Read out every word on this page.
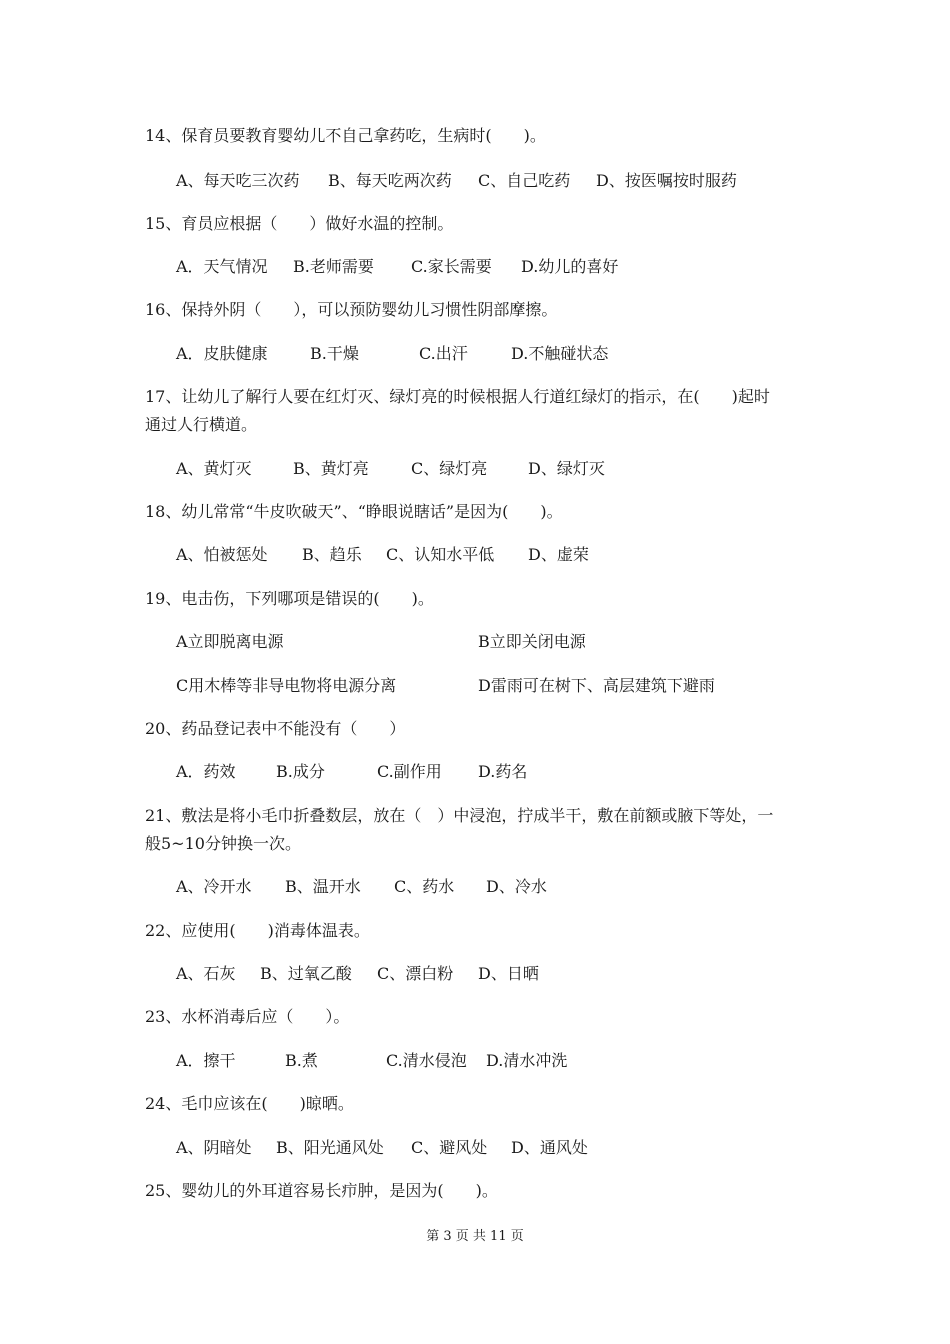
14、保育员要教育婴幼儿不自己拿药吃，生病时(　　)。
A、每天吃三次药 B、每天吃两次药 C、自己吃药 D、按医嘱按时服药
15、育员应根据（　　）做好水温的控制。
A．天气情况 B.老师需要 C.家长需要 D.幼儿的喜好
16、保持外阴（　　），可以预防婴幼儿习惯性阴部摩擦。
A．皮肤健康	B.干燥	C.出汗	D.不触碰状态
17、让幼儿了解行人要在红灯灭、绿灯亮的时候根据人行道红绿灯的指示，在(　　)起时
通过人行横道。
A、黄灯灭	B、黄灯亮	C、绿灯亮	D、绿灯灭
18、幼儿常常“牛皮吹破天”、“睁眼说瞎话”是因为(　　)。
A、怕被惩处 B、趋乐 C、认知水平低 D、虚荣
19、电击伤，下列哪项是错误的(　　)。
A立即脱离电源	B立即关闭电源
C用木棒等非导电物将电源分离	D雷雨可在树下、高层建筑下避雨
20、药品登记表中不能没有（　　）
A．药效	B.成分	C.副作用 D.药名
21、敷法是将小毛巾折叠数层，放在（　）中浸泡，拧成半干，敷在前额或腋下等处，一
般5~10分钟换一次。
A、冷开水 B、温开水 C、药水 D、冷水
22、应使用(　　)消毒体温表。
A、石灰 B、过氧乙酸 C、漂白粉 D、日晒
23、水杯消毒后应（　　）。
A．擦干	B.煮	C.清水侵泡 D.清水冲洗
24、毛巾应该在(　　)晾晒。
A、阴暗处 B、阳光通风处 C、避风处 D、通风处
25、婴幼儿的外耳道容易长疖肿，是因为(　　)。
第 3 页 共 11 页
